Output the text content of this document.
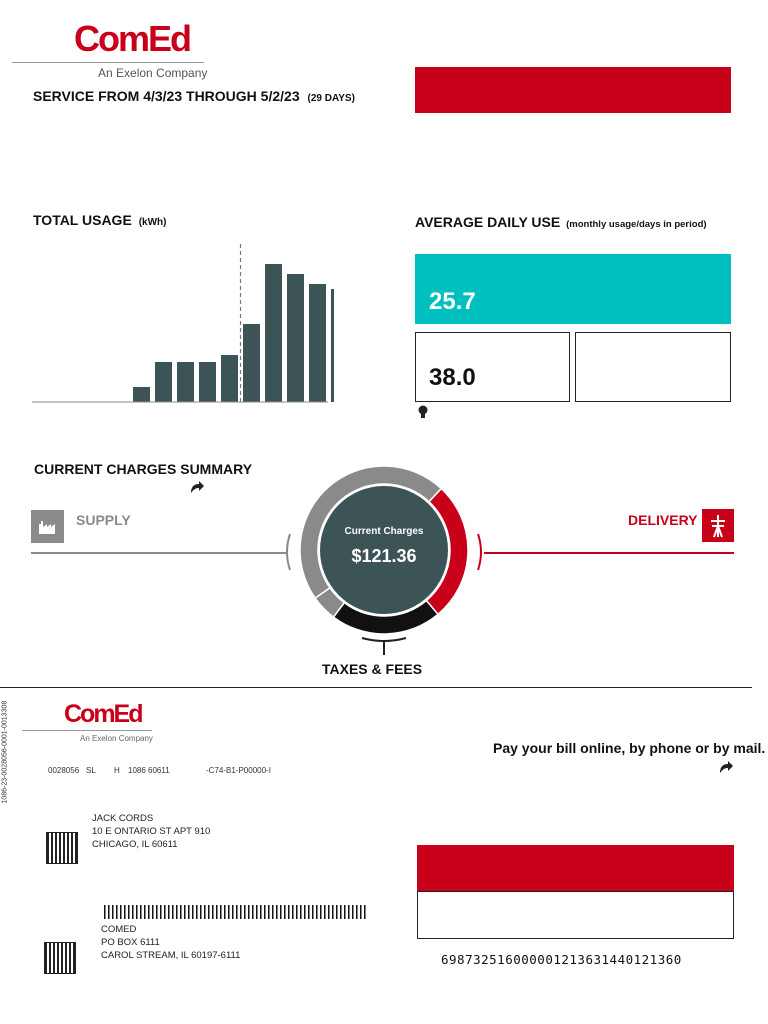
ComEd
An Exelon Company
SERVICE FROM 4/3/23 THROUGH 5/2/23 (29 DAYS)
TOTAL USAGE (kWh)	AVERAGE DAILY USE (monthly usage/days in period)
25.7
38.0
CURRENT CHARGES SUMMARY
SUPPLY	DELIVERY
Current Charges
$121.36
TAXES & FEES
1086-23-0028056-0001-0013308 ComEd
An Exelon Company
Pay your bill online, by phone or by mail.
0028056 SL H 1086 60611	-C74-B1-P00000-I
JACK CORDS
10 E ONTARIO ST APT 910
CHICAGO, IL 60611
COMED
PO BOX 6111
CAROL STREAM, IL 60197-6111	698732516000001213631440121360
